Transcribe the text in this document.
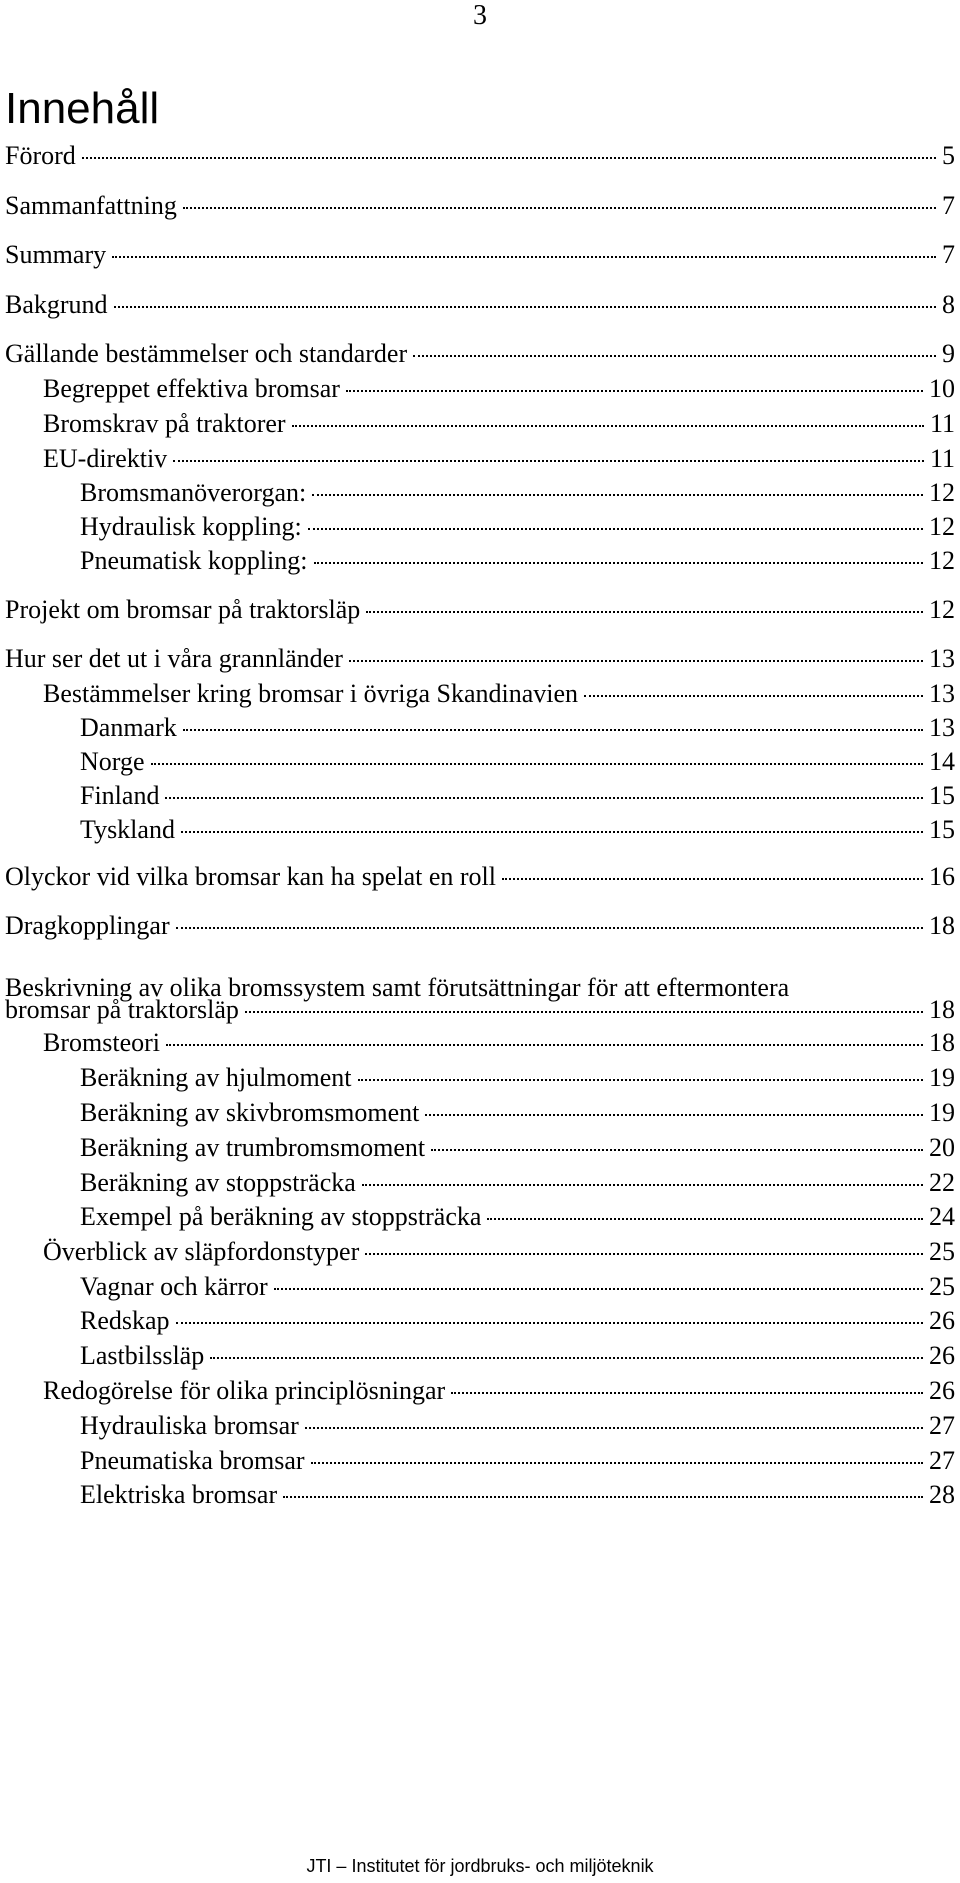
3
Innehåll
Förord	5
Sammanfattning	7
Summary	7
Bakgrund	8
Gällande bestämmelser och standarder	9
Begreppet effektiva bromsar	10
Bromskrav på traktorer	11
EU-direktiv	11
Bromsmanöverorgan:	12
Hydraulisk koppling:	12
Pneumatisk koppling:	12
Projekt om bromsar på traktorsläp	12
Hur ser det ut i våra grannländer	13
Bestämmelser kring bromsar i övriga Skandinavien	13
Danmark	13
Norge	14
Finland	15
Tyskland	15
Olyckor vid vilka bromsar kan ha spelat en roll	16
Dragkopplingar	18
Beskrivning av olika bromssystem samt förutsättningar för att eftermontera
bromsar på traktorsläp	18
Bromsteori	18
Beräkning av hjulmoment	19
Beräkning av skivbromsmoment	19
Beräkning av trumbromsmoment	20
Beräkning av stoppsträcka	22
Exempel på beräkning av stoppsträcka	24
Överblick av släpfordonstyper	25
Vagnar och kärror	25
Redskap	26
Lastbilssläp	26
Redogörelse för olika principlösningar	26
Hydrauliska bromsar	27
Pneumatiska bromsar	27
Elektriska bromsar	28
JTI – Institutet för jordbruks- och miljöteknik
